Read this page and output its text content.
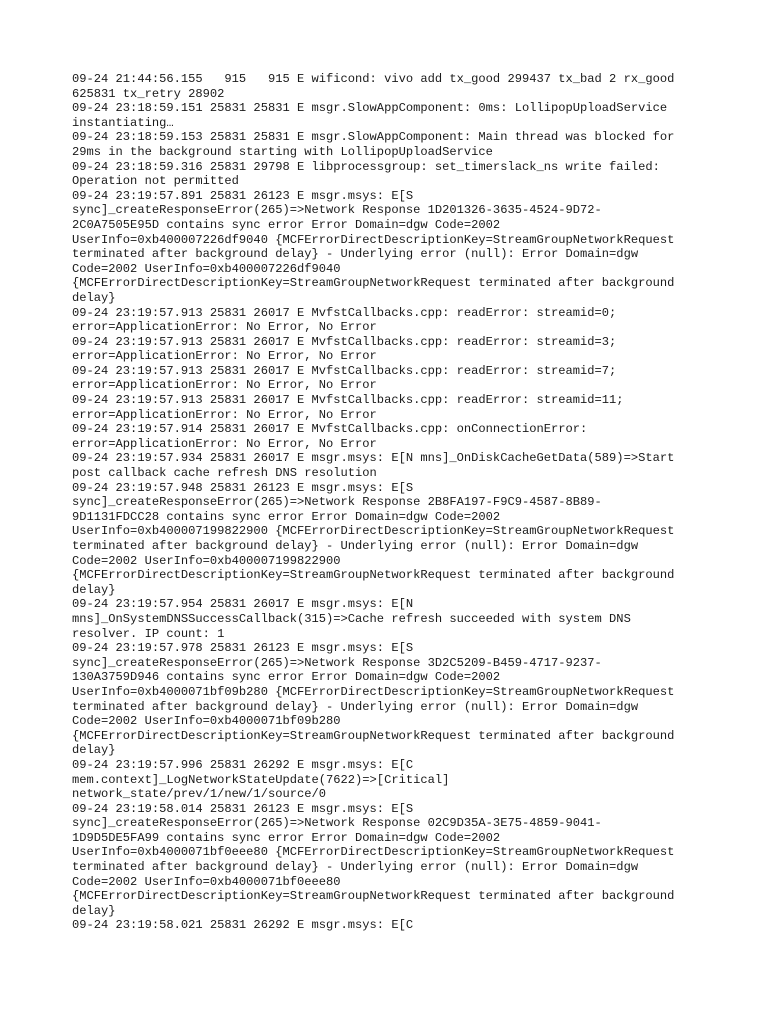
09-24 21:44:56.155   915   915 E wificond: vivo add tx_good 299437 tx_bad 2 rx_good
625831 tx_retry 28902
09-24 23:18:59.151 25831 25831 E msgr.SlowAppComponent: 0ms: LollipopUploadService
instantiating…
09-24 23:18:59.153 25831 25831 E msgr.SlowAppComponent: Main thread was blocked for
29ms in the background starting with LollipopUploadService
09-24 23:18:59.316 25831 29798 E libprocessgroup: set_timerslack_ns write failed:
Operation not permitted
09-24 23:19:57.891 25831 26123 E msgr.msys: E[S
sync]_createResponseError(265)=>Network Response 1D201326-3635-4524-9D72-
2C0A7505E95D contains sync error Error Domain=dgw Code=2002
UserInfo=0xb400007226df9040 {MCFErrorDirectDescriptionKey=StreamGroupNetworkRequest
terminated after background delay} - Underlying error (null): Error Domain=dgw
Code=2002 UserInfo=0xb400007226df9040
{MCFErrorDirectDescriptionKey=StreamGroupNetworkRequest terminated after background
delay}
09-24 23:19:57.913 25831 26017 E MvfstCallbacks.cpp: readError: streamid=0;
error=ApplicationError: No Error, No Error
09-24 23:19:57.913 25831 26017 E MvfstCallbacks.cpp: readError: streamid=3;
error=ApplicationError: No Error, No Error
09-24 23:19:57.913 25831 26017 E MvfstCallbacks.cpp: readError: streamid=7;
error=ApplicationError: No Error, No Error
09-24 23:19:57.913 25831 26017 E MvfstCallbacks.cpp: readError: streamid=11;
error=ApplicationError: No Error, No Error
09-24 23:19:57.914 25831 26017 E MvfstCallbacks.cpp: onConnectionError:
error=ApplicationError: No Error, No Error
09-24 23:19:57.934 25831 26017 E msgr.msys: E[N mns]_OnDiskCacheGetData(589)=>Start
post callback cache refresh DNS resolution
09-24 23:19:57.948 25831 26123 E msgr.msys: E[S
sync]_createResponseError(265)=>Network Response 2B8FA197-F9C9-4587-8B89-
9D1131FDCC28 contains sync error Error Domain=dgw Code=2002
UserInfo=0xb400007199822900 {MCFErrorDirectDescriptionKey=StreamGroupNetworkRequest
terminated after background delay} - Underlying error (null): Error Domain=dgw
Code=2002 UserInfo=0xb400007199822900
{MCFErrorDirectDescriptionKey=StreamGroupNetworkRequest terminated after background
delay}
09-24 23:19:57.954 25831 26017 E msgr.msys: E[N
mns]_OnSystemDNSSuccessCallback(315)=>Cache refresh succeeded with system DNS
resolver. IP count: 1
09-24 23:19:57.978 25831 26123 E msgr.msys: E[S
sync]_createResponseError(265)=>Network Response 3D2C5209-B459-4717-9237-
130A3759D946 contains sync error Error Domain=dgw Code=2002
UserInfo=0xb4000071bf09b280 {MCFErrorDirectDescriptionKey=StreamGroupNetworkRequest
terminated after background delay} - Underlying error (null): Error Domain=dgw
Code=2002 UserInfo=0xb4000071bf09b280
{MCFErrorDirectDescriptionKey=StreamGroupNetworkRequest terminated after background
delay}
09-24 23:19:57.996 25831 26292 E msgr.msys: E[C
mem.context]_LogNetworkStateUpdate(7622)=>[Critical]
network_state/prev/1/new/1/source/0
09-24 23:19:58.014 25831 26123 E msgr.msys: E[S
sync]_createResponseError(265)=>Network Response 02C9D35A-3E75-4859-9041-
1D9D5DE5FA99 contains sync error Error Domain=dgw Code=2002
UserInfo=0xb4000071bf0eee80 {MCFErrorDirectDescriptionKey=StreamGroupNetworkRequest
terminated after background delay} - Underlying error (null): Error Domain=dgw
Code=2002 UserInfo=0xb4000071bf0eee80
{MCFErrorDirectDescriptionKey=StreamGroupNetworkRequest terminated after background
delay}
09-24 23:19:58.021 25831 26292 E msgr.msys: E[C
